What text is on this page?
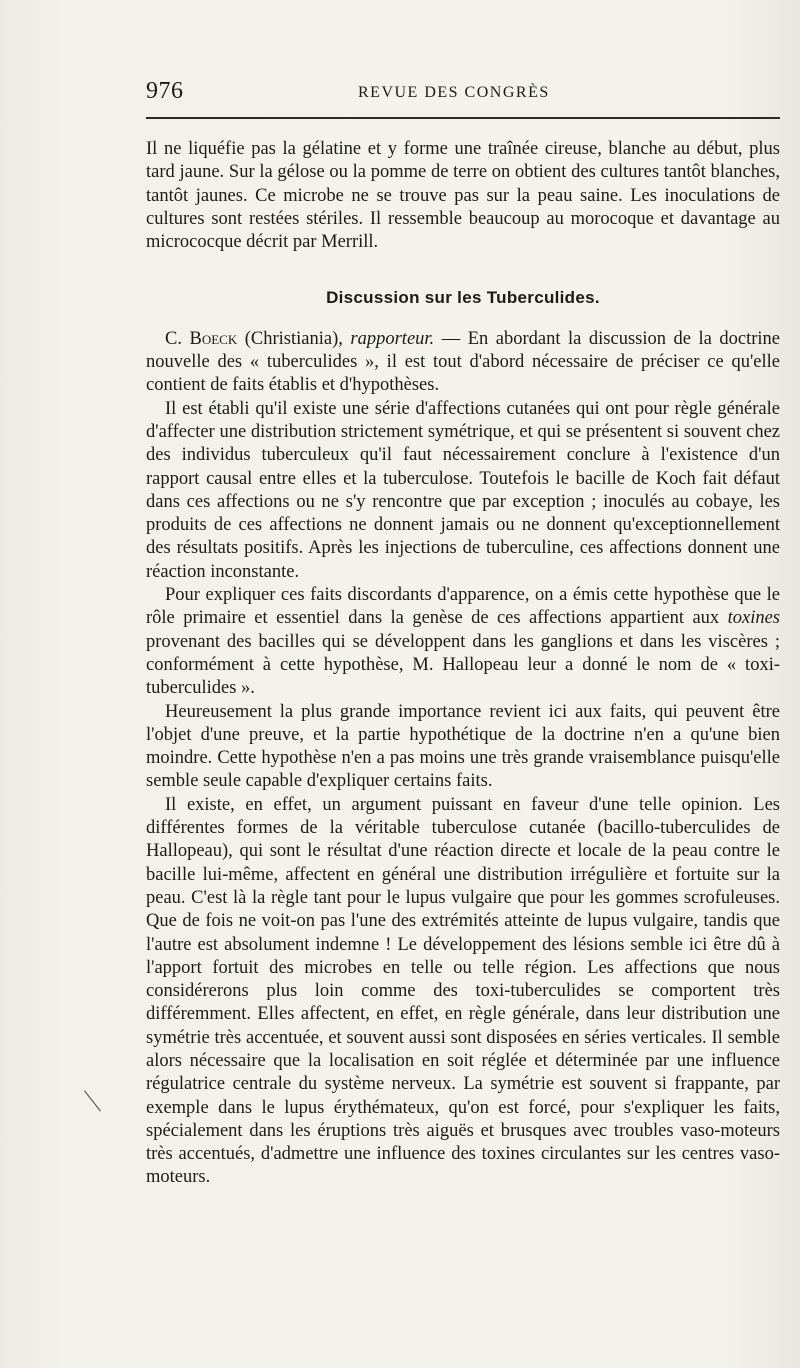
976	REVUE DES CONGRÈS

Il ne liquéfie pas la gélatine et y forme une traînée cireuse, blanche au début, plus tard jaune. Sur la gélose ou la pomme de terre on obtient des cultures tantôt blanches, tantôt jaunes. Ce microbe ne se trouve pas sur la peau saine. Les inoculations de cultures sont restées stériles. Il ressemble beaucoup au morocoque et davantage au micrococque décrit par Merrill.

Discussion sur les Tuberculides.

C. Boeck (Christiania), rapporteur. — En abordant la discussion de la doctrine nouvelle des « tuberculides », il est tout d'abord nécessaire de préciser ce qu'elle contient de faits établis et d'hypothèses.

Il est établi qu'il existe une série d'affections cutanées qui ont pour règle générale d'affecter une distribution strictement symétrique, et qui se présentent si souvent chez des individus tuberculeux qu'il faut nécessairement conclure à l'existence d'un rapport causal entre elles et la tuberculose. Toutefois le bacille de Koch fait défaut dans ces affections ou ne s'y rencontre que par exception ; inoculés au cobaye, les produits de ces affections ne donnent jamais ou ne donnent qu'exceptionnellement des résultats positifs. Après les injections de tuberculine, ces affections donnent une réaction inconstante.

Pour expliquer ces faits discordants d'apparence, on a émis cette hypothèse que le rôle primaire et essentiel dans la genèse de ces affections appartient aux toxines provenant des bacilles qui se développent dans les ganglions et dans les viscères ; conformément à cette hypothèse, M. Hallopeau leur a donné le nom de « toxi-tuberculides ».

Heureusement la plus grande importance revient ici aux faits, qui peuvent être l'objet d'une preuve, et la partie hypothétique de la doctrine n'en a qu'une bien moindre. Cette hypothèse n'en a pas moins une très grande vraisemblance puisqu'elle semble seule capable d'expliquer certains faits.

Il existe, en effet, un argument puissant en faveur d'une telle opinion. Les différentes formes de la véritable tuberculose cutanée (bacillo-tuberculides de Hallopeau), qui sont le résultat d'une réaction directe et locale de la peau contre le bacille lui-même, affectent en général une distribution irrégulière et fortuite sur la peau. C'est là la règle tant pour le lupus vulgaire que pour les gommes scrofuleuses. Que de fois ne voit-on pas l'une des extrémités atteinte de lupus vulgaire, tandis que l'autre est absolument indemne ! Le développement des lésions semble ici être dû à l'apport fortuit des microbes en telle ou telle région. Les affections que nous considérerons plus loin comme des toxi-tuberculides se comportent très différemment. Elles affectent, en effet, en règle générale, dans leur distribution une symétrie très accentuée, et souvent aussi sont disposées en séries verticales. Il semble alors nécessaire que la localisation en soit réglée et déterminée par une influence régulatrice centrale du système nerveux. La symétrie est souvent si frappante, par exemple dans le lupus érythémateux, qu'on est forcé, pour s'expliquer les faits, spécialement dans les éruptions très aiguës et brusques avec troubles vaso-moteurs très accentués, d'admettre une influence des toxines circulantes sur les centres vaso-moteurs.
